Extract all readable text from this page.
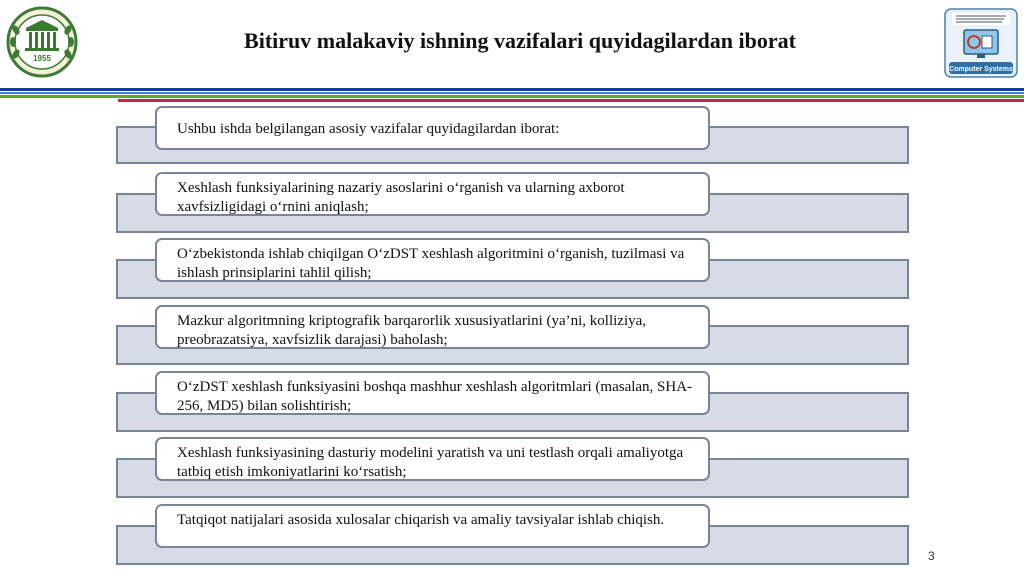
1955
Bitiruv malakaviy ishning vazifalari quyidagilardan iborat
Computer Systems
Ushbu ishda belgilangan asosiy vazifalar quyidagilardan iborat:
Xeshlash funksiyalarining nazariy asoslarini o‘rganish va ularning axborot xavfsizligidagi o‘rnini aniqlash;
O‘zbekistonda ishlab chiqilgan O‘zDST xeshlash algoritmini o‘rganish, tuzilmasi va ishlash prinsiplarini tahlil qilish;
Mazkur algoritmning kriptografik barqarorlik xususiyatlarini (ya’ni, kolliziya, preobrazatsiya, xavfsizlik darajasi) baholash;
O‘zDST xeshlash funksiyasini boshqa mashhur xeshlash algoritmlari (masalan, SHA-256, MD5) bilan solishtirish;
Xeshlash funksiyasining dasturiy modelini yaratish va uni testlash orqali amaliyotga tatbiq etish imkoniyatlarini ko‘rsatish;
Tatqiqot natijalari asosida xulosalar chiqarish va amaliy tavsiyalar ishlab chiqish.
3
